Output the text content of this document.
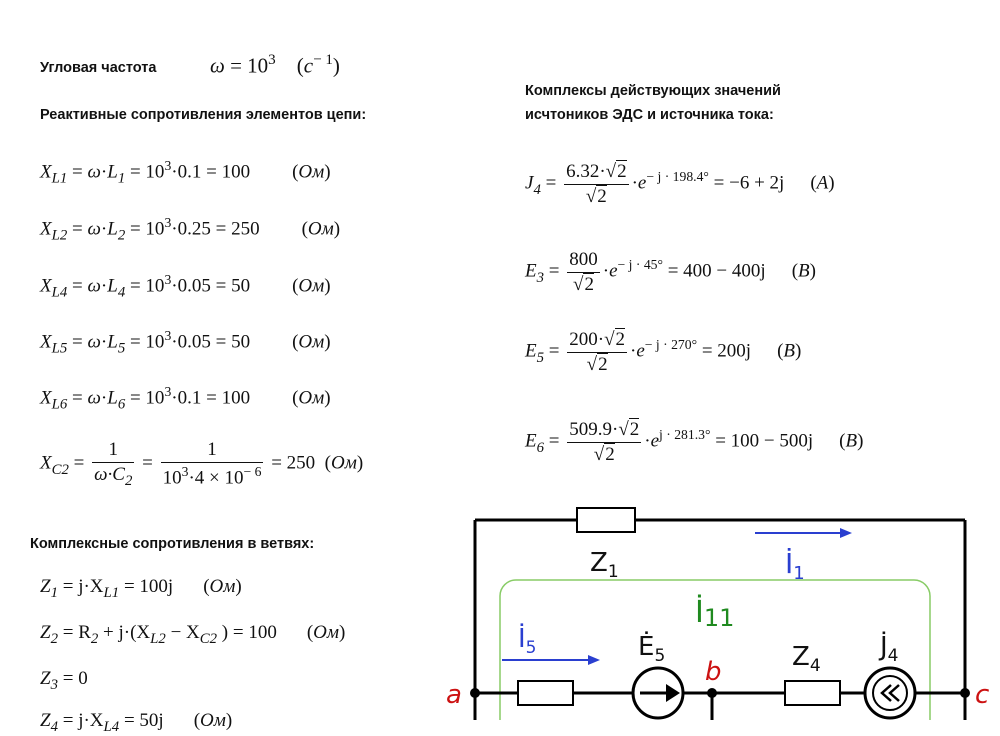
Угловая частота	$\omega = 10^3$    $(c^{- 1})$
Реактивные сопротивления элементов цепи:
$X_{L1} = \omega\cdot L_1 = 10^3\cdot 0.1 = 100$ (Ом)
$X_{L2} = \omega\cdot L_2 = 10^3\cdot 0.25 = 250$ (Ом)
$X_{L4} = \omega\cdot L_4 = 10^3\cdot 0.05 = 50$ (Ом)
$X_{L5} = \omega\cdot L_5 = 10^3\cdot 0.05 = 50$ (Ом)
$X_{L6} = \omega\cdot L_6 = 10^3\cdot 0.1 = 100$ (Ом)
$X_{C2} = \frac{1}{\omega\cdot C_2} = \frac{1}{10^3\cdot 4 \times 10^{- 6}} = 250$  (Ом)
Комплексные сопротивления в ветвях:
$Z_1 = j\cdot X_{L1} = 100j$ (Ом)
$Z_2 = R_2 + j\cdot(X_{L2} - X_{C2}$ ) = 100 (Ом)
$Z_3 = 0$
$Z_4 = j\cdot X_{L4} = 50j$ (Ом)
Комплексы действующих значений
исчтоников ЭДС и источника тока:
$J_4 = 6.32\cdot√$ 2
√ $2 \cdot e^{- j \cdot 198.4^\circ} = -6 + 2j$ (A)
$E_3 = 800$
√ $2 \cdot e^{- j \cdot 45^\circ} = 400 - 400j$ (B)
$E_5 = 200\cdot√$ 2
√ $2 \cdot e^{- j \cdot 270^\circ} = 200j$ (B)
$E_6 = 509.9\cdot√$ 2
√ $2 \cdot e^{j \cdot 281.3^\circ} = 100 - 500j$ (B)
$Z_1$	$İ_1$
İ11
$İ_5$	$Ė_5$	$Z_4$
$J̇_4$
a
b
c
